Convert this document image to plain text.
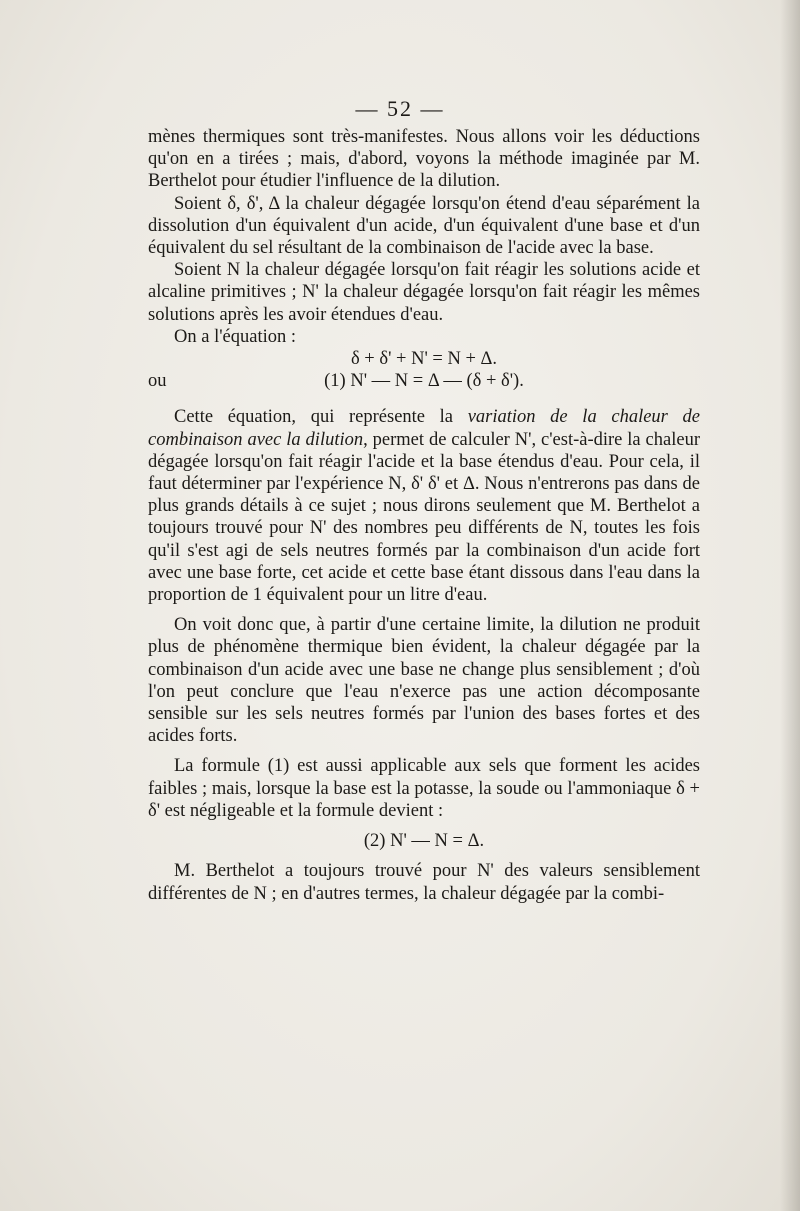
— 52 —

mènes thermiques sont très-manifestes. Nous allons voir les déductions qu'on en a tirées ; mais, d'abord, voyons la méthode imaginée par M. Berthelot pour étudier l'influence de la dilution.

Soient δ, δ', Δ la chaleur dégagée lorsqu'on étend d'eau séparément la dissolution d'un équivalent d'un acide, d'un équivalent d'une base et d'un équivalent du sel résultant de la combinaison de l'acide avec la base.

Soient N la chaleur dégagée lorsqu'on fait réagir les solutions acide et alcaline primitives ; N' la chaleur dégagée lorsqu'on fait réagir les mêmes solutions après les avoir étendues d'eau.

On a l'équation :

δ + δ' + N' = N + Δ.

ou	(1) N' — N = Δ — (δ + δ').

Cette équation, qui représente la variation de la chaleur de combinaison avec la dilution, permet de calculer N', c'est-à-dire la chaleur dégagée lorsqu'on fait réagir l'acide et la base étendus d'eau. Pour cela, il faut déterminer par l'expérience N, δ' δ' et Δ. Nous n'entrerons pas dans de plus grands détails à ce sujet ; nous dirons seulement que M. Berthelot a toujours trouvé pour N' des nombres peu différents de N, toutes les fois qu'il s'est agi de sels neutres formés par la combinaison d'un acide fort avec une base forte, cet acide et cette base étant dissous dans l'eau dans la proportion de 1 équivalent pour un litre d'eau.

On voit donc que, à partir d'une certaine limite, la dilution ne produit plus de phénomène thermique bien évident, la chaleur dégagée par la combinaison d'un acide avec une base ne change plus sensiblement ; d'où l'on peut conclure que l'eau n'exerce pas une action décomposante sensible sur les sels neutres formés par l'union des bases fortes et des acides forts.

La formule (1) est aussi applicable aux sels que forment les acides faibles ; mais, lorsque la base est la potasse, la soude ou l'ammoniaque δ + δ' est négligeable et la formule devient :

(2) N' — N = Δ.

M. Berthelot a toujours trouvé pour N' des valeurs sensiblement différentes de N ; en d'autres termes, la chaleur dégagée par la combi-
